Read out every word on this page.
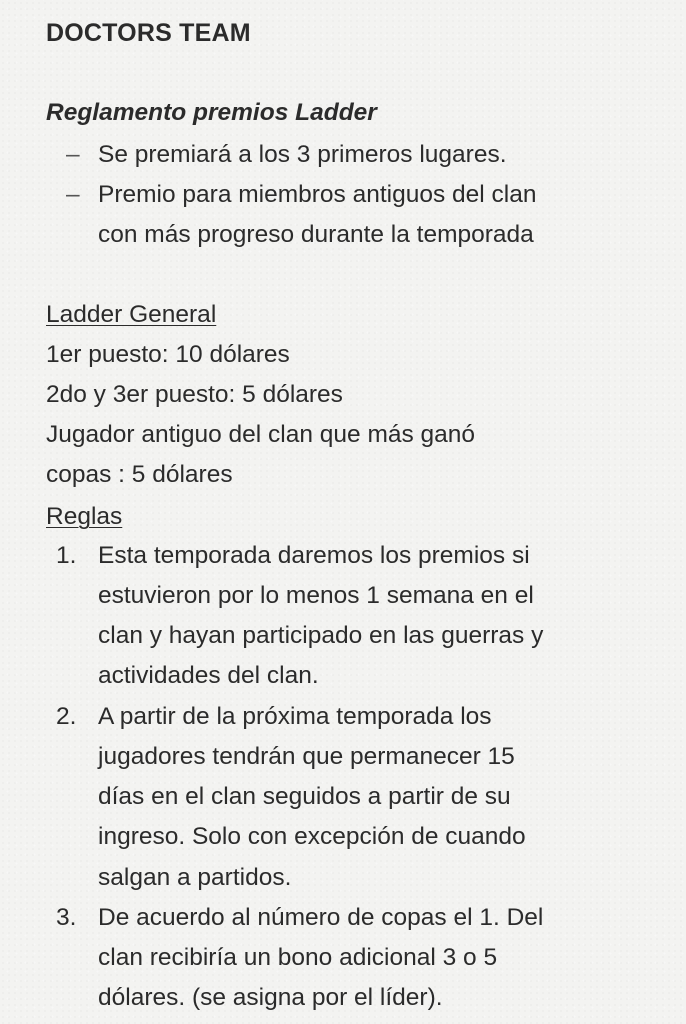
DOCTORS TEAM
Reglamento premios Ladder
– Se premiará a los 3 primeros lugares.
– Premio para miembros antiguos del clan
con más progreso durante la temporada
Ladder General
1er puesto: 10 dólares
2do y 3er puesto: 5 dólares
Jugador antiguo del clan que más ganó
copas : 5 dólares
Reglas
1. Esta temporada daremos los premios si
estuvieron por lo menos 1 semana en el
clan y hayan participado en las guerras y
actividades del clan.
2. A partir de la próxima temporada los
jugadores tendrán que permanecer 15
días en el clan seguidos a partir de su
ingreso. Solo con excepción de cuando
salgan a partidos.
3. De acuerdo al número de copas el 1. Del
clan recibiría un bono adicional 3 o 5
dólares. (se asigna por el líder).
